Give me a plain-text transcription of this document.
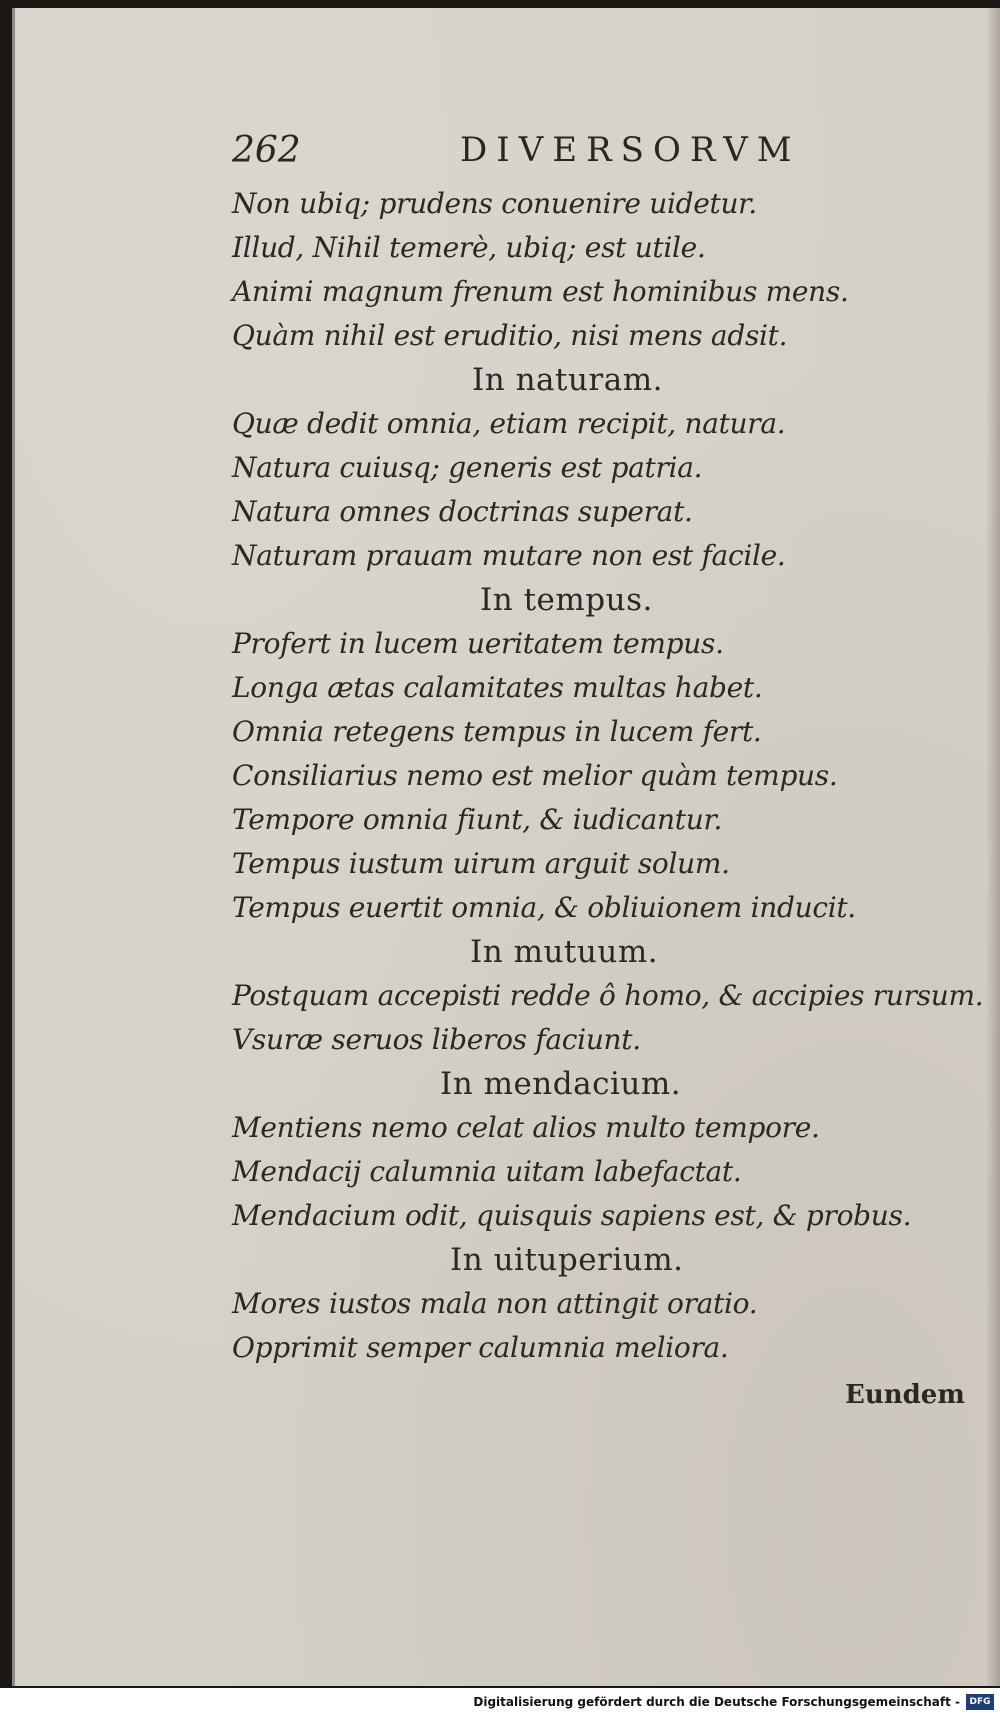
262	DIVERSORVM
Non ubiq; prudens conuenire uidetur.
Illud, Nihil temerè, ubiq; est utile.
Animi magnum frenum est hominibus mens.
Quàm nihil est eruditio, nisi mens adsit.
In naturam.
Quæ dedit omnia, etiam recipit, natura.
Natura cuiusq; generis est patria.
Natura omnes doctrinas superat.
Naturam prauam mutare non est facile.
In tempus.
Profert in lucem ueritatem tempus.
Longa ætas calamitates multas habet.
Omnia retegens tempus in lucem fert.
Consiliarius nemo est melior quàm tempus.
Tempore omnia fiunt, & iudicantur.
Tempus iustum uirum arguit solum.
Tempus euertit omnia, & obliuionem inducit.
In mutuum.
Postquam accepisti redde ô homo, & accipies rursum.
Vsuræ seruos liberos faciunt.
In mendacium.
Mentiens nemo celat alios multo tempore.
Mendacij calumnia uitam labefactat.
Mendacium odit, quisquis sapiens est, & probus.
In uituperium.
Mores iustos mala non attingit oratio.
Opprimit semper calumnia meliora.
Eundem
Digitalisierung gefördert durch die Deutsche Forschungsgemeinschaft -	DFG
